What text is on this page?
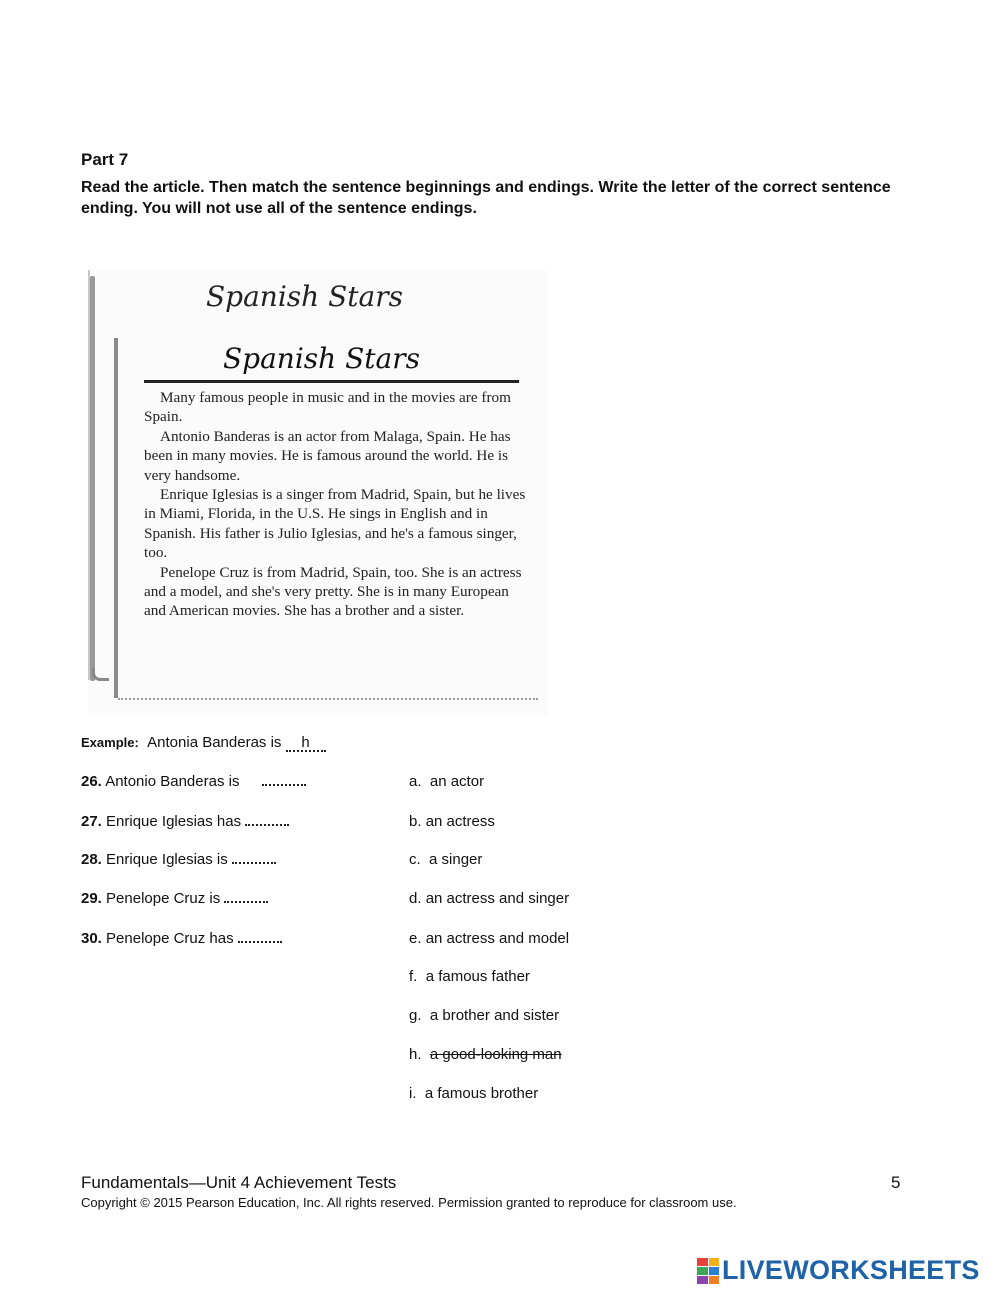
Part 7
Read the article. Then match the sentence beginnings and endings. Write the letter of the correct sentence ending. You will not use all of the sentence endings.
Spanish Stars
Spanish Stars

Many famous people in music and in the movies are from Spain.

Antonio Banderas is an actor from Malaga, Spain. He has been in many movies. He is famous around the world. He is very handsome.

Enrique Iglesias is a singer from Madrid, Spain, but he lives in Miami, Florida, in the U.S. He sings in English and in Spanish. His father is Julio Iglesias, and he's a famous singer, too.

Penelope Cruz is from Madrid, Spain, too. She is an actress and a model, and she's very pretty. She is in many European and American movies. She has a brother and a sister.

Example: Antonia Banderas is h
26. Antonio Banderas is
27. Enrique Iglesias has
28. Enrique Iglesias is
29. Penelope Cruz is
30. Penelope Cruz has
a. an actor
b. an actress
c. a singer
d. an actress and singer
e. an actress and model
f. a famous father
g. a brother and sister
h. a good-looking man
i. a famous brother
Fundamentals—Unit 4 Achievement Tests	5
Copyright © 2015 Pearson Education, Inc. All rights reserved. Permission granted to reproduce for classroom use.
LIVEWORKSHEETS
